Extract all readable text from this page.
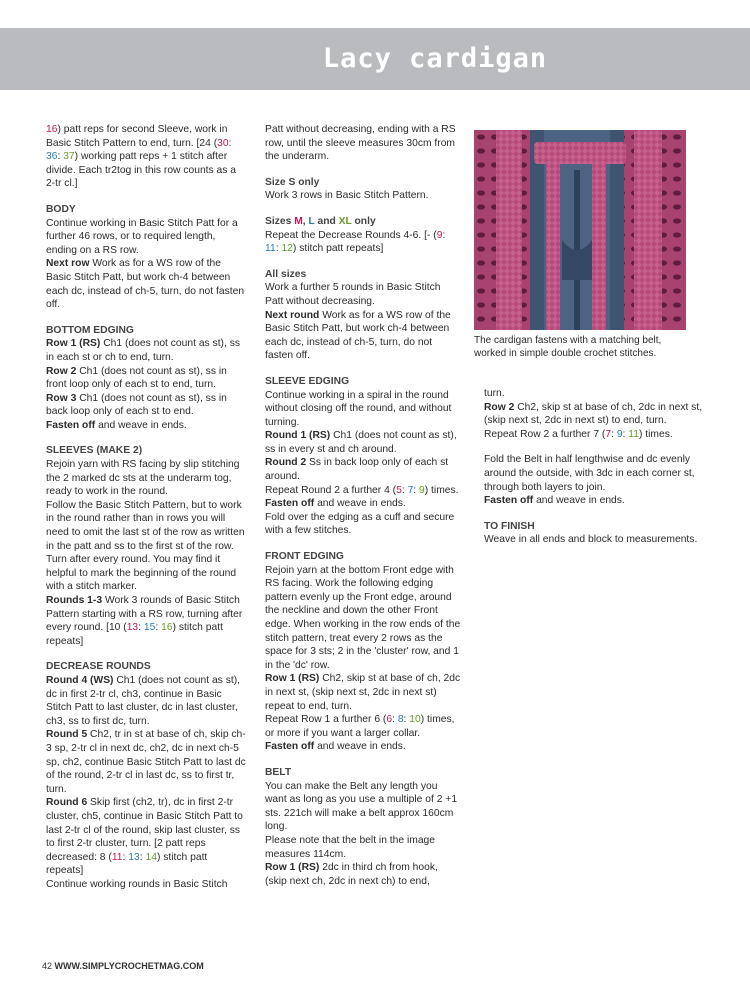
Lacy cardigan

16) patt reps for second Sleeve, work in Basic Stitch Pattern to end, turn. [24 (30: 36: 37) working patt reps + 1 stitch after divide. Each tr2tog in this row counts as a 2-tr cl.]

BODY

Continue working in Basic Stitch Patt for a further 46 rows, or to required length, ending on a RS row.

Next row Work as for a WS row of the Basic Stitch Patt, but work ch-4 between each dc, instead of ch-5, turn, do not fasten off.

BOTTOM EDGING

Row 1 (RS) Ch1 (does not count as st), ss in each st or ch to end, turn.

Row 2 Ch1 (does not count as st), ss in front loop only of each st to end, turn.

Row 3 Ch1 (does not count as st), ss in back loop only of each st to end.

Fasten off and weave in ends.

SLEEVES (MAKE 2)

Rejoin yarn with RS facing by slip stitching the 2 marked dc sts at the underarm tog, ready to work in the round.

Follow the Basic Stitch Pattern, but to work in the round rather than in rows you will need to omit the last st of the row as written in the patt and ss to the first st of the row. Turn after every round. You may find it helpful to mark the beginning of the round with a stitch marker.

Rounds 1-3 Work 3 rounds of Basic Stitch Pattern starting with a RS row, turning after every round. [10 (13: 15: 16) stitch patt repeats]

DECREASE ROUNDS

Round 4 (WS) Ch1 (does not count as st), dc in first 2-tr cl, ch3, continue in Basic Stitch Patt to last cluster, dc in last cluster, ch3, ss to first dc, turn.

Round 5 Ch2, tr in st at base of ch, skip ch-3 sp, 2-tr cl in next dc, ch2, dc in next ch-5 sp, ch2, continue Basic Stitch Patt to last dc of the round, 2-tr cl in last dc, ss to first tr, turn.

Round 6 Skip first (ch2, tr), dc in first 2-tr cluster, ch5, continue in Basic Stitch Patt to last 2-tr cl of the round, skip last cluster, ss to first 2-tr cluster, turn. [2 patt reps decreased: 8 (11: 13: 14) stitch patt repeats]

Continue working rounds in Basic Stitch

Patt without decreasing, ending with a RS row, until the sleeve measures 30cm from the underarm.

Size S only

Work 3 rows in Basic Stitch Pattern.

Sizes M, L and XL only

Repeat the Decrease Rounds 4-6. [- (9: 11: 12) stitch patt repeats]

All sizes

Work a further 5 rounds in Basic Stitch Patt without decreasing.

Next round Work as for a WS row of the Basic Stitch Patt, but work ch-4 between each dc, instead of ch-5, turn, do not fasten off.

SLEEVE EDGING

Continue working in a spiral in the round without closing off the round, and without turning.

Round 1 (RS) Ch1 (does not count as st), ss in every st and ch around.

Round 2 Ss in back loop only of each st around.

Repeat Round 2 a further 4 (5: 7: 9) times.

Fasten off and weave in ends.

Fold over the edging as a cuff and secure with a few stitches.

FRONT EDGING

Rejoin yarn at the bottom Front edge with RS facing. Work the following edging pattern evenly up the Front edge, around the neckline and down the other Front edge. When working in the row ends of the stitch pattern, treat every 2 rows as the space for 3 sts; 2 in the 'cluster' row, and 1 in the 'dc' row.

Row 1 (RS) Ch2, skip st at base of ch, 2dc in next st, (skip next st, 2dc in next st) repeat to end, turn.

Repeat Row 1 a further 6 (6: 8: 10) times, or more if you want a larger collar.

Fasten off and weave in ends.

BELT

You can make the Belt any length you want as long as you use a multiple of 2 +1 sts. 221ch will make a belt approx 160cm long.

Please note that the belt in the image measures 114cm.

Row 1 (RS) 2dc in third ch from hook, (skip next ch, 2dc in next ch) to end,

The cardigan fastens with a matching belt, worked in simple double crochet stitches.

turn.

Row 2 Ch2, skip st at base of ch, 2dc in next st, (skip next st, 2dc in next st) to end, turn.

Repeat Row 2 a further 7 (7: 9: 11) times.

Fold the Belt in half lengthwise and dc evenly around the outside, with 3dc in each corner st, through both layers to join.

Fasten off and weave in ends.

TO FINISH

Weave in all ends and block to measurements.

42 WWW.SIMPLYCROCHETMAG.COM
